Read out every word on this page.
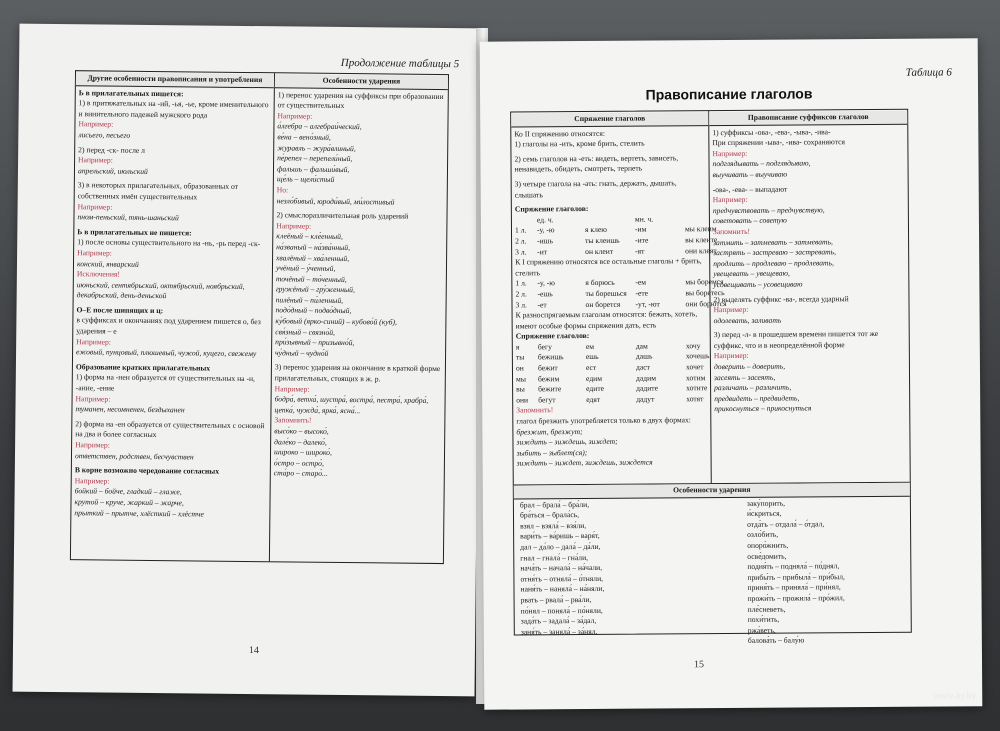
Продолжение таблицы 5
Другие особенности правописания и употребления
Ь в прилагательных пишется:
1) в притяжательных на -ий, -ья, -ье, кроме именительного и винительного падежей мужского рода
Например:
лисьего, песьего
2) перед -ск- после л
Например:
апрельский, июльский
3) в некоторых прилагательных, образованных от собственных имён существительных
Например:
пном-пеньский, тянь-шаньский
Ь в прилагательных не пишется:
1) после основы существительного на -нь, -рь перед -ск-
Например:
конский, январский
Исключения!
июньский, сентябрьский, октябрьский, ноябрьский, декабрьский, день-деньской
О–Е после шипящих и ц:
в суффиксах и окончаниях под ударением пишется о, без ударения – е
Например:
ежовый, пунцовый, плюшевый, чужой, куцего, свежему
Образование кратких прилагательных
1) форма на -нен образуется от существительных на -н, -ание, -ение
Например:
туманен, несомненен, бездыханен
2) форма на -ен образуется от существительных с основой на два и более согласных
Например:
ответствен, родствен, бесчувствен
В корне возможно чередование согласных
Например:
бойкий – бойче, гладкий – глаже,
крутой – круче, жаркий – жарче,
прыткий – прытче, хлёсткий – хлёстче
Особенности ударения
1) перенос ударения на суффиксы при образовании от существительных
Например:
а́лгебра – алгебраи́ческий,
ве́на – вено́зный,
журавль – жура́влиный,
пе́репел – перепели́ный,
фальшь – фальши́вый,
ще́ль – щели́стый
Но:
незло́бивый, юроди́вый, ми́лостивый
2) смыслоразличительная роль ударений
Например:
клеёный – кле́енный,
на́званый – на́зва́нный,
хвалёный – хва́ленный,
учёный – у́ченный,
точёный – то́ченный,
гружёный – гру́женный,
пилёный – пи́ленный,
подо́дный – подво́дный,
ку́бовый (ярко-синий) – кубово́й (куб),
свя́зный – связно́й,
при́зывный – призывно́й,
чу́дный – чудно́й
3) перенос ударения на окончание в краткой форме прилагательных, стоящих в ж. р.
Например:
бодра́, ветха́, шустра́, востра́, пестра́, храбра́, цепка́, чужда́, ярка́, ясна́...
Запомнить!
высо́ко – высоко́,
дале́ко – далеко́,
широко – широко́,
о́стро – остро́,
ста́ро – старо́...
14
Таблица 6
Правописание глаголов
Спряжение глаголов
Ко II спряжению относятся:
1) глаголы на -ить, кроме брить, стелить
2) семь глаголов на -еть: видеть, вертеть, зависеть, ненавидеть, обидеть, смотреть, терпеть
3) четыре глагола на -ать: гнать, держать, дышать, слышать
Спряжение глаголов:
ед. ч.	мн. ч.
1 л.	-у, -ю	я клею	-им	мы клеим
2 л.	-ишь	ты клеишь	-ите	вы клеите
3 л.	-ит	он клеит	-ят	они клеят
К I спряжению относятся все остальные глаголы + брить, стелить
1 л.	-у, -ю	я борюсь	-ем	мы боремся
2 л.	-ешь	ты борешься	-ете	вы боретесь
3 л.	-ет	он борется	-ут, -ют	они борются
К разноспрягаемым глаголам относятся: бежать, хотеть, имеют особые формы спряжения дать, есть
Спряжение глаголов:
я	бегу	ем	дам	хочу
ты	бежишь	ешь	дашь	хочешь
он	бежит	ест	даст	хочет
мы	бежим	едим	дадим	хотим
вы	бежите	едите	дадите	хотите
они	бегут	едят	дадут	хотят
Запомнить!
глагол брезжить употребляется только в двух формах:
брезжит, брезжут;
зиждить – зиждешь, зиждет;
зыбить – зыблет(ся);
зиждить – зиждет, зиждешь, зиждется
Правописание суффиксов глаголов
1) суффиксы -ова-, -ева-, -ыва-, -ива-
При спряжении -ыва-, -ива- сохраняются
Например:
подглядывать – подглядываю,
выучивать – выучиваю
-ова-, -ева- – выпадают
Например:
предчувствовать – предчувствую,
советовать – советую
Запомнить!
затмить – затмевать – затмевать,
застрять – застреваю – застревать,
продлить – продлеваю – продлевать,
увещевать – увещеваю,
усовещивать – усовещиваю
2) выделять суффикс -ва-, всегда ударный
Например:
одолевать, заливать
3) перед -л- в прошедшем времени пишется тот же суффикс, что и в неопределённой форме
Например:
доверить – доверить,
засеять – засеять,
различать – различить,
предвидеть – предвидеть,
прикоснуться – прикоснуться
Особенности ударения
брал – брала́ – бра́ли,
бра́ться – брала́сь,
взял – взяла́ – взя́ли,
вари́ть – ва́ришь – варя́т,
дал – да́ло – дала́ – да́ли,
гнал – гнала́ – гна́ли,
нача́ть – начала́ – на́чали,
отня́ть – отняла́ – о́тняли,
наня́ть – наняла́ – на́няли,
рвать – рвала́ – рва́ли,
по́нял – поняла́ – по́няли,
зада́ть – задала́ – за́дал,
заня́ть – заняла́ – за́нял,
заку́порить,
и́скриться,
отда́ть – отдала́ – о́тдал,
озло́бить,
опоро́жнить,
осве́домить,
подня́ть – подняла́ – по́днял,
прибы́ть – прибыла́ – при́был,
приня́ть – приняла́ – при́нял,
прожи́ть – прожила́ – про́жил,
пле́сневеть,
похи́тить,
ржа́веть,
балова́ть – балу́ю
15
www.ay.by
